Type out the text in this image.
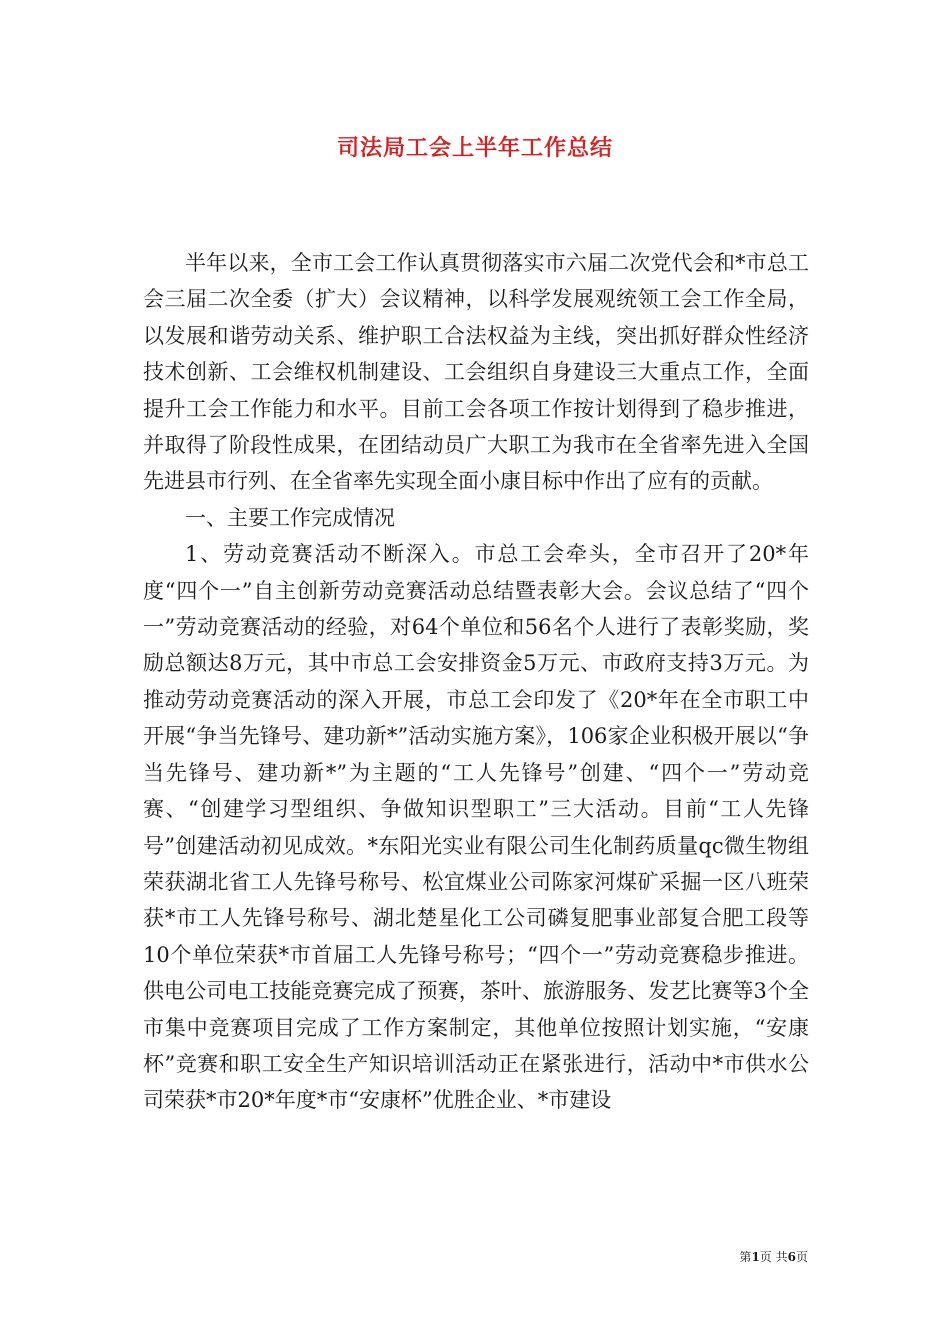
司法局工会上半年工作总结

半年以来，全市工会工作认真贯彻落实市六届二次党代会和*市总工会三届二次全委（扩大）会议精神，以科学发展观统领工会工作全局，以发展和谐劳动关系、维护职工合法权益为主线，突出抓好群众性经济技术创新、工会维权机制建设、工会组织自身建设三大重点工作，全面提升工会工作能力和水平。目前工会各项工作按计划得到了稳步推进，并取得了阶段性成果，在团结动员广大职工为我市在全省率先进入全国先进县市行列、在全省率先实现全面小康目标中作出了应有的贡献。

一、主要工作完成情况

1、劳动竞赛活动不断深入。市总工会牵头，全市召开了20*年度“四个一”自主创新劳动竞赛活动总结暨表彰大会。会议总结了“四个一”劳动竞赛活动的经验，对64个单位和56名个人进行了表彰奖励，奖励总额达8万元，其中市总工会安排资金5万元、市政府支持3万元。为推动劳动竞赛活动的深入开展，市总工会印发了《20*年在全市职工中开展“争当先锋号、建功新*”活动实施方案》，106家企业积极开展以“争当先锋号、建功新*”为主题的“工人先锋号”创建、“四个一”劳动竞赛、“创建学习型组织、争做知识型职工”三大活动。目前“工人先锋号”创建活动初见成效。*东阳光实业有限公司生化制药质量qc微生物组荣获湖北省工人先锋号称号、松宜煤业公司陈家河煤矿采掘一区八班荣获*市工人先锋号称号、湖北楚星化工公司磷复肥事业部复合肥工段等10个单位荣获*市首届工人先锋号称号；“四个一”劳动竞赛稳步推进。供电公司电工技能竞赛完成了预赛，茶叶、旅游服务、发艺比赛等3个全市集中竞赛项目完成了工作方案制定，其他单位按照计划实施，“安康杯”竞赛和职工安全生产知识培训活动正在紧张进行，活动中*市供水公司荣获*市20*年度*市“安康杯”优胜企业、*市建设

第1页 共6页
